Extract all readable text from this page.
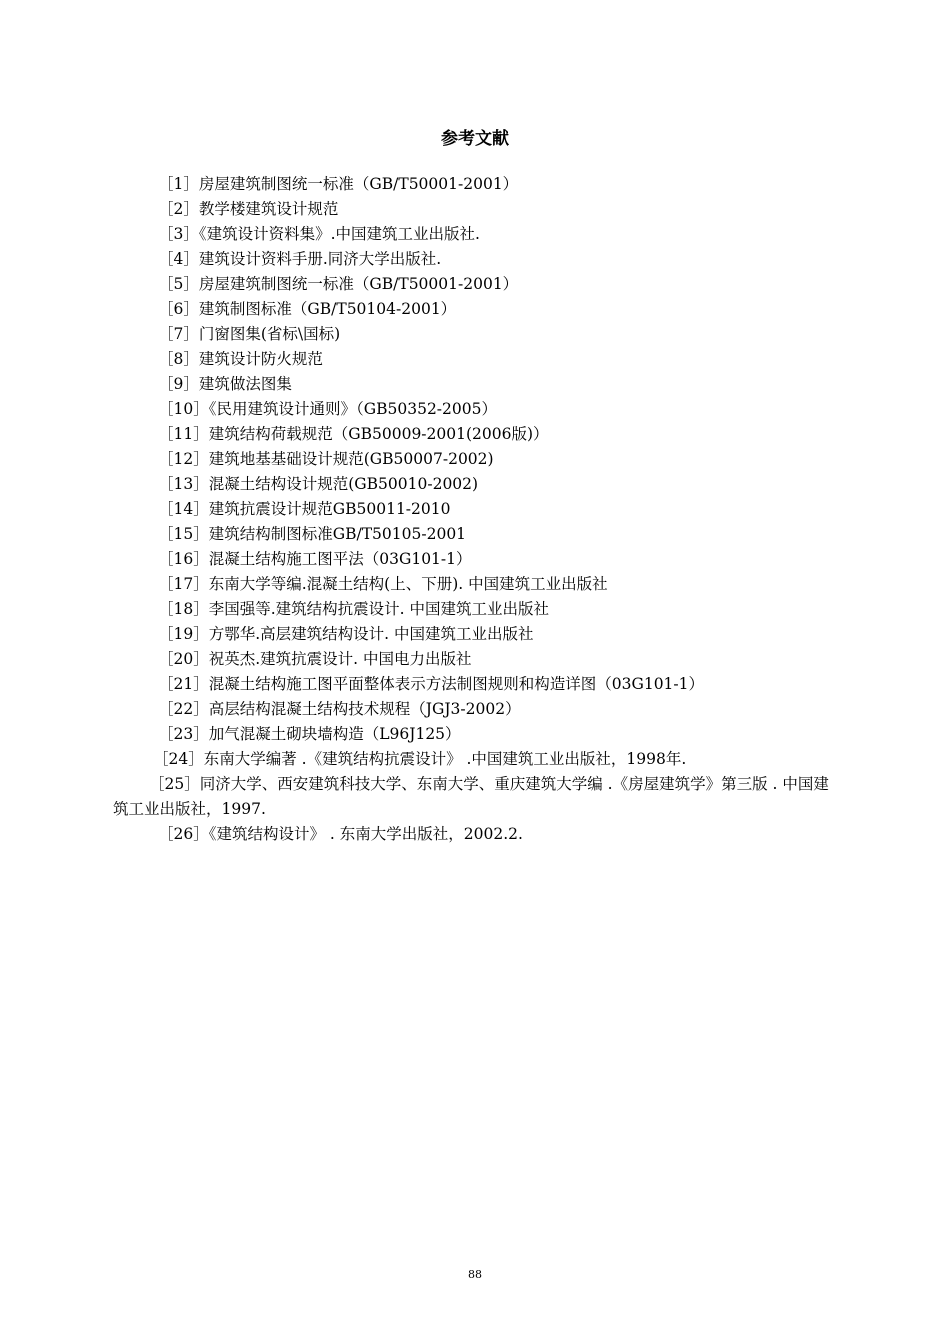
参考文献
［1］房屋建筑制图统一标准（GB/T50001-2001）
［2］教学楼建筑设计规范
［3］《建筑设计资料集》.中国建筑工业出版社.
［4］建筑设计资料手册.同济大学出版社.
［5］房屋建筑制图统一标准（GB/T50001-2001）
［6］建筑制图标准（GB/T50104-2001）
［7］门窗图集(省标\国标)
［8］建筑设计防火规范
［9］建筑做法图集
［10］《民用建筑设计通则》（GB50352-2005）
［11］建筑结构荷载规范（GB50009-2001(2006版)）
［12］建筑地基基础设计规范(GB50007-2002)
［13］混凝土结构设计规范(GB50010-2002)
［14］建筑抗震设计规范GB50011-2010
［15］建筑结构制图标准GB/T50105-2001
［16］混凝土结构施工图平法（03G101-1）
［17］东南大学等编.混凝土结构(上、下册). 中国建筑工业出版社
［18］李国强等.建筑结构抗震设计. 中国建筑工业出版社
［19］方鄂华.高层建筑结构设计. 中国建筑工业出版社
［20］祝英杰.建筑抗震设计. 中国电力出版社
［21］混凝土结构施工图平面整体表示方法制图规则和构造详图（03G101-1）
［22］高层结构混凝土结构技术规程（JGJ3-2002）
［23］加气混凝土砌块墙构造（L96J125）
［24］东南大学编著 .《建筑结构抗震设计》 .中国建筑工业出版社，1998年.
［25］同济大学、西安建筑科技大学、东南大学、重庆建筑大学编 .《房屋建筑学》第三版 . 中国建筑工业出版社，1997.
［26］《建筑结构设计》 . 东南大学出版社，2002.2.
88
